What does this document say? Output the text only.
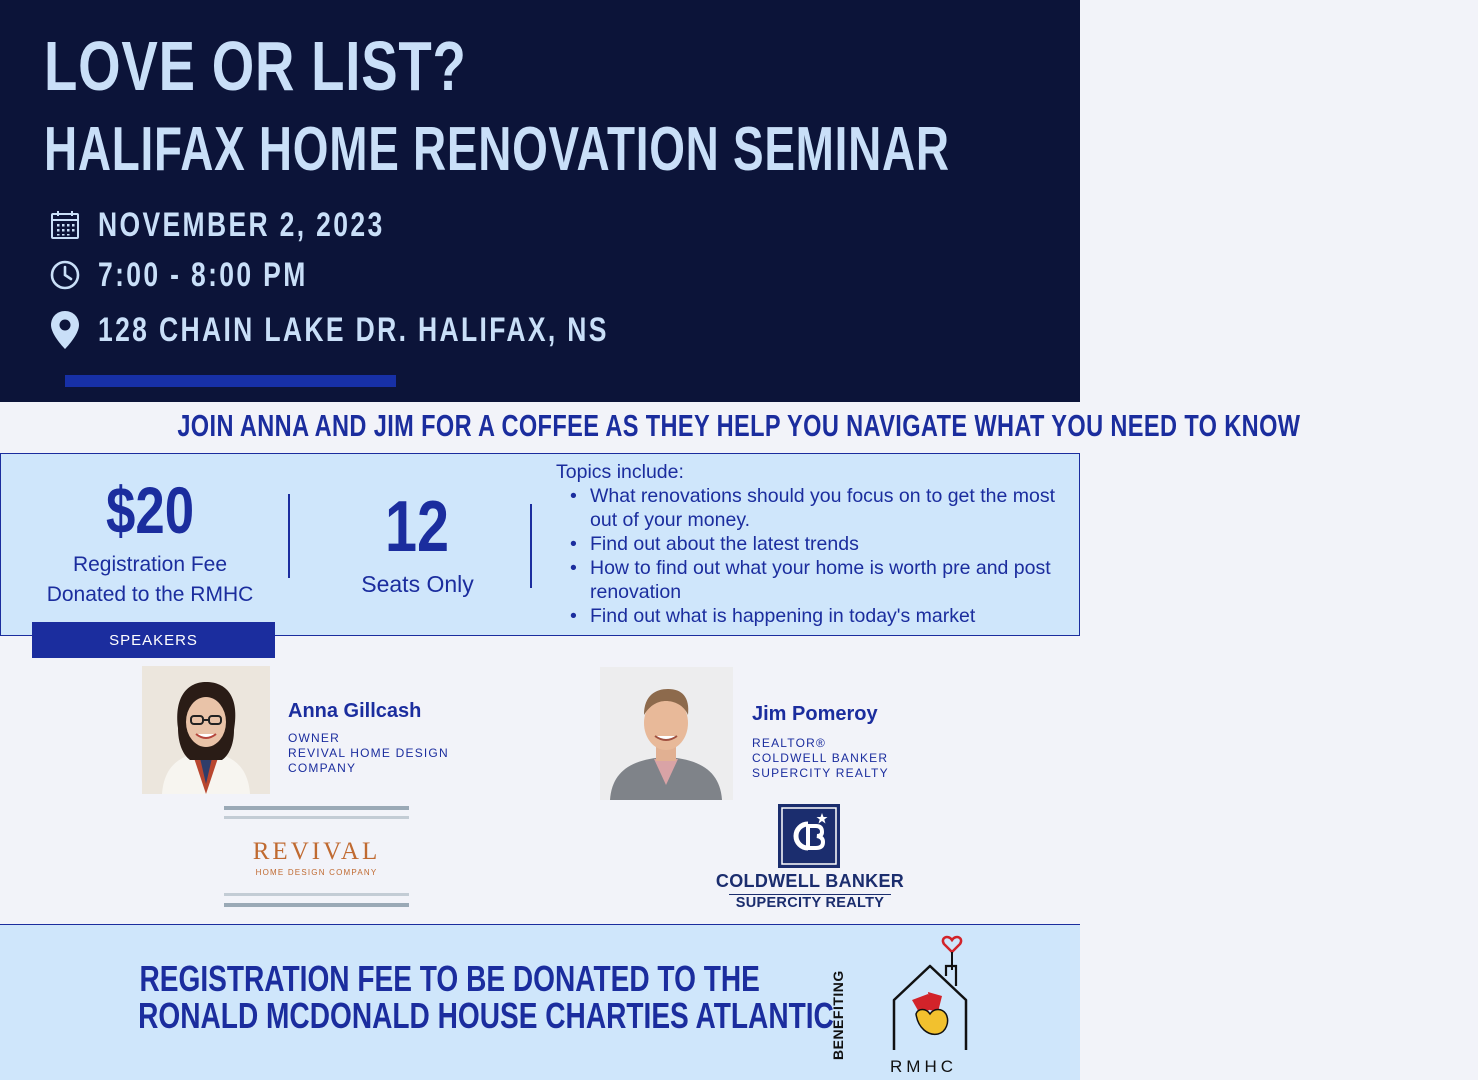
LOVE OR LIST?
HALIFAX HOME RENOVATION SEMINAR
NOVEMBER 2, 2023
7:00 - 8:00 PM
128 CHAIN LAKE DR. HALIFAX, NS
JOIN ANNA AND JIM FOR A COFFEE AS THEY HELP YOU NAVIGATE WHAT YOU NEED TO KNOW
$20
Registration Fee
Donated to the RMHC
12
Seats Only
Topics include:
• What renovations should you focus on to get the most out of your money.
• Find out about the latest trends
• How to find out what your home is worth pre and post renovation
• Find out what is happening in today's market
SPEAKERS
Anna Gillcash
OWNER
REVIVAL HOME DESIGN
COMPANY
Jim Pomeroy
REALTOR®
COLDWELL BANKER
SUPERCITY REALTY
REVIVAL
HOME DESIGN COMPANY	COLDWELL BANKER
SUPERCITY REALTY
REGISTRATION FEE TO BE DONATED TO THE
RONALD MCDONALD HOUSE CHARTIES ATLANTIC
BENEFITING
RMHC
